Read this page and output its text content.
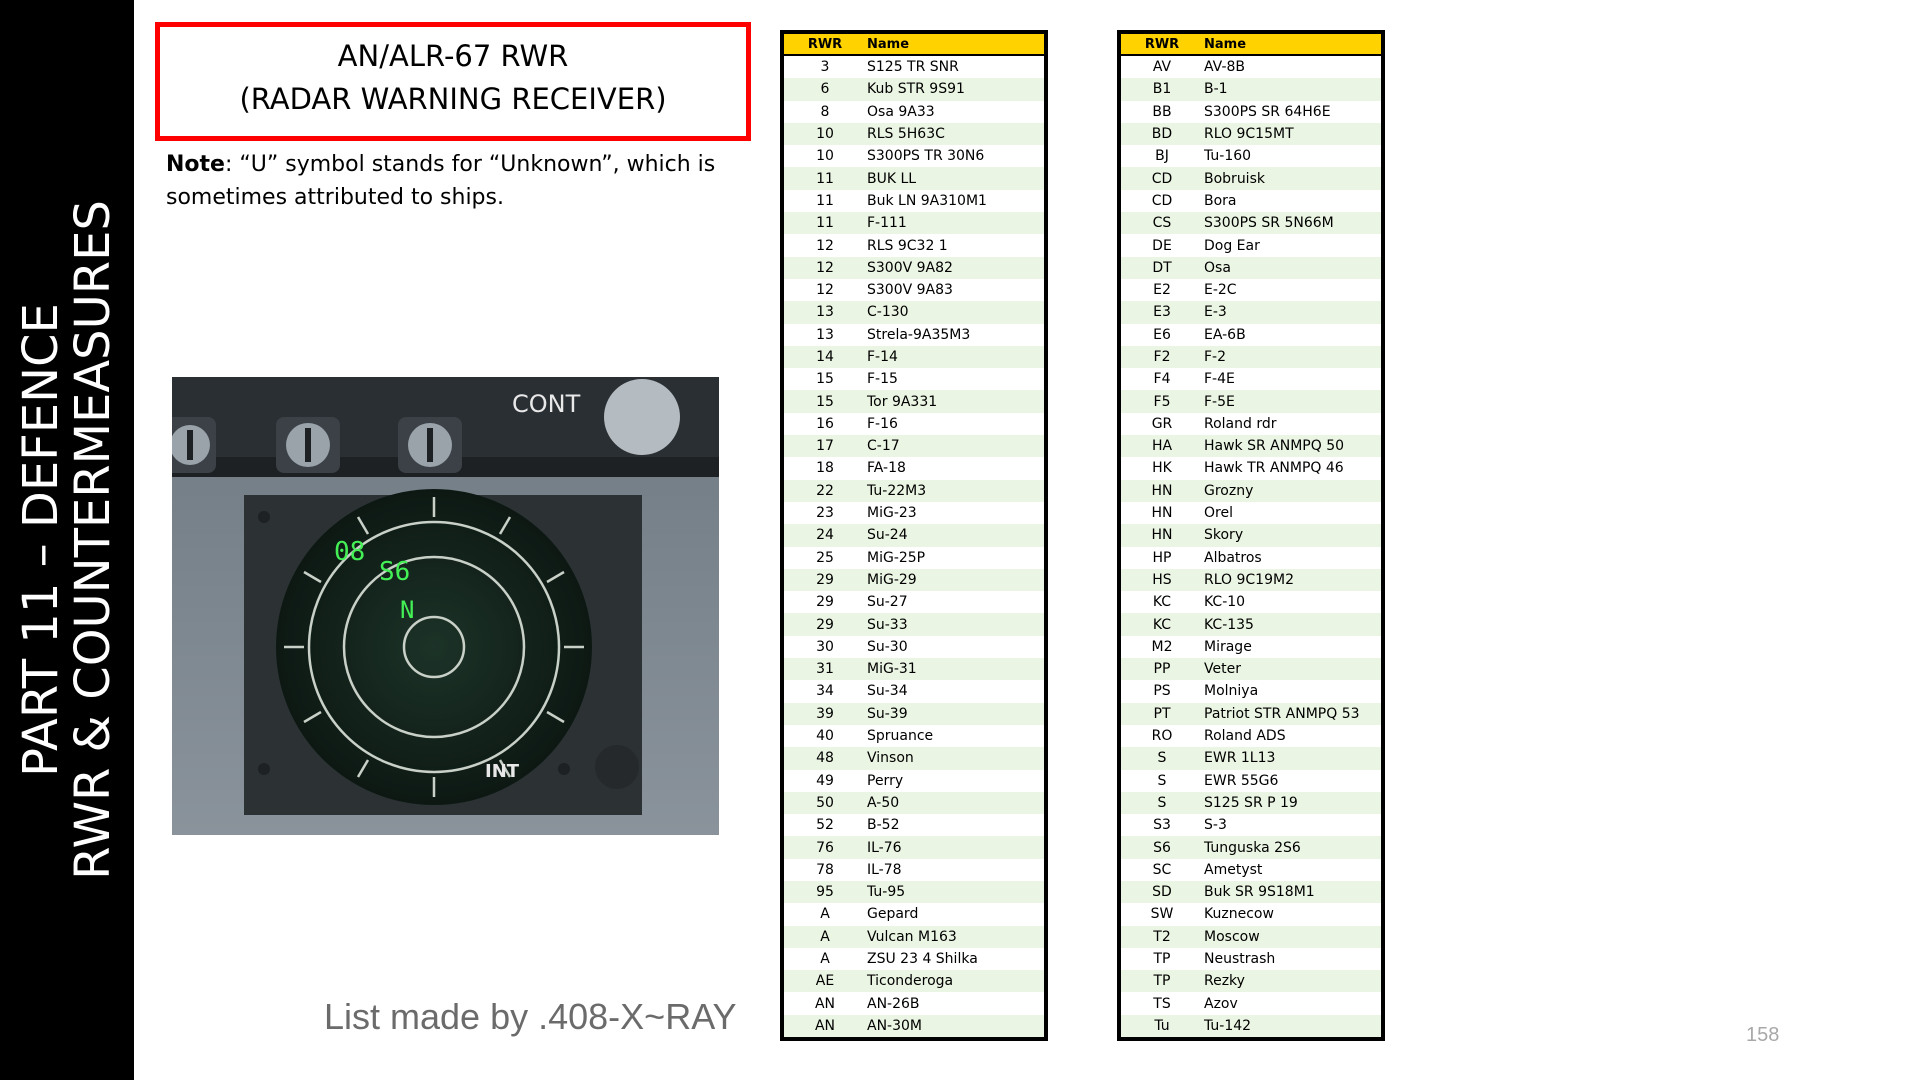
PART 11 – DEFENCE
RWR & COUNTERMEASURES
AN/ALR-67 RWR
(RADAR WARNING RECEIVER)
Note: “U” symbol stands for “Unknown”, which is sometimes attributed to ships.
CONT
08
S6
N
INT
RWR	Name
3	S125 TR SNR
6	Kub STR 9S91
8	Osa 9A33
10	RLS 5H63C
10	S300PS TR 30N6
11	BUK LL
11	Buk LN 9A310M1
11	F-111
12	RLS 9C32 1
12	S300V 9A82
12	S300V 9A83
13	C-130
13	Strela-9A35M3
14	F-14
15	F-15
15	Tor 9A331
16	F-16
17	C-17
18	FA-18
22	Tu-22M3
23	MiG-23
24	Su-24
25	MiG-25P
29	MiG-29
29	Su-27
29	Su-33
30	Su-30
31	MiG-31
34	Su-34
39	Su-39
40	Spruance
48	Vinson
49	Perry
50	A-50
52	B-52
76	IL-76
78	IL-78
95	Tu-95
A	Gepard
A	Vulcan M163
A	ZSU 23 4 Shilka
AE	Ticonderoga
AN	AN-26B
AN	AN-30M
RWR	Name
AV	AV-8B
B1	B-1
BB	S300PS SR 64H6E
BD	RLO 9C15MT
BJ	Tu-160
CD	Bobruisk
CD	Bora
CS	S300PS SR 5N66M
DE	Dog Ear
DT	Osa
E2	E-2C
E3	E-3
E6	EA-6B
F2	F-2
F4	F-4E
F5	F-5E
GR	Roland rdr
HA	Hawk SR ANMPQ 50
HK	Hawk TR ANMPQ 46
HN	Grozny
HN	Orel
HN	Skory
HP	Albatros
HS	RLO 9C19M2
KC	KC-10
KC	KC-135
M2	Mirage
PP	Veter
PS	Molniya
PT	Patriot STR ANMPQ 53
RO	Roland ADS
S	EWR 1L13
S	EWR 55G6
S	S125 SR P 19
S3	S-3
S6	Tunguska 2S6
SC	Ametyst
SD	Buk SR 9S18M1
SW	Kuznecow
T2	Moscow
TP	Neustrash
TP	Rezky
TS	Azov
Tu	Tu-142
List made by .408-X~RAY	158
